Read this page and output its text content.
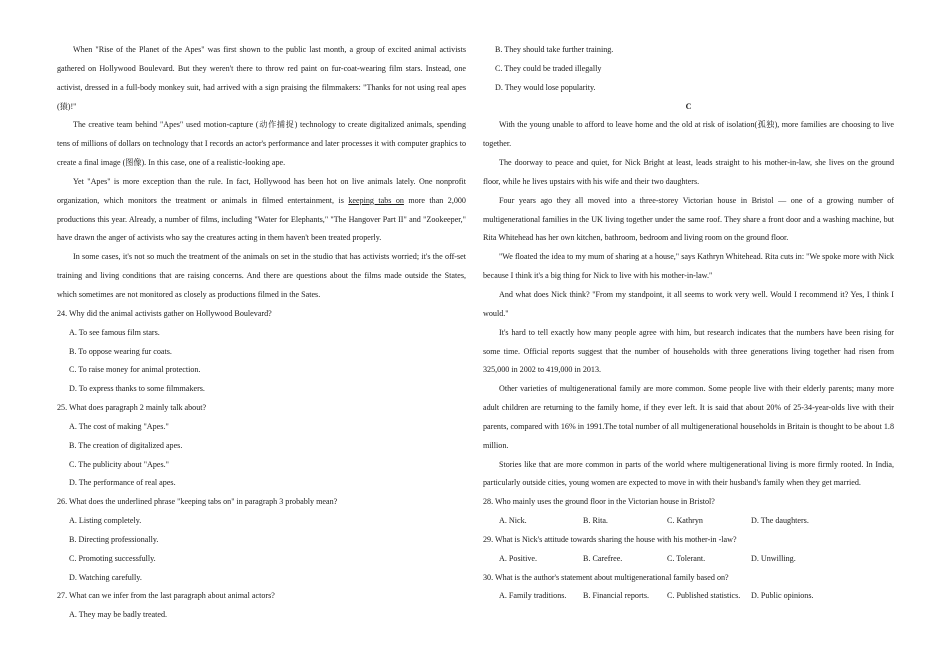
When "Rise of the Planet of the Apes" was first shown to the public last month, a group of excited animal activists gathered on Hollywood Boulevard. But they weren't there to throw red paint on fur-coat-wearing film stars. Instead, one activist, dressed in a full-body monkey suit, had arrived with a sign praising the filmmakers: "Thanks for not using real apes (猿)!"

The creative team behind "Apes" used motion-capture (动作捕捉) technology to create digitalized animals, spending tens of millions of dollars on technology that I records an actor's performance and later processes it with computer graphics to create a final image (图像). In this case, one of a realistic-looking ape.

Yet "Apes" is more exception than the rule. In fact, Hollywood has been hot on live animals lately. One nonprofit organization, which monitors the treatment or animals in filmed entertainment, is keeping tabs on more than 2,000 productions this year. Already, a number of films, including "Water for Elephants," "The Hangover Part II" and "Zookeeper," have drawn the anger of activists who say the creatures acting in them haven't been treated properly.

In some cases, it's not so much the treatment of the animals on set in the studio that has activists worried; it's the off-set training and living conditions that are raising concerns. And there are questions about the films made outside the States, which sometimes are not monitored as closely as productions filmed in the Sates.

24. Why did the animal activists gather on Hollywood Boulevard?

A. To see famous film stars.

B. To oppose wearing fur coats.

C. To raise money for animal protection.

D. To express thanks to some filmmakers.

25. What does paragraph 2 mainly talk about?

A. The cost of making "Apes."

B. The creation of digitalized apes.

C. The publicity about "Apes."

D. The performance of real apes.

26. What does the underlined phrase "keeping tabs on" in paragraph 3 probably mean?

A. Listing completely.

B. Directing professionally.

C. Promoting successfully.

D. Watching carefully.

27. What can we infer from the last paragraph about animal actors?

A. They may be badly treated.

B. They should take further training.

C. They could be traded illegally

D. They would lose popularity.

C

With the young unable to afford to leave home and the old at risk of isolation(孤独), more families are choosing to live together.

The doorway to peace and quiet, for Nick Bright at least, leads straight to his mother-in-law, she lives on the ground floor, while he lives upstairs with his wife and their two daughters.

Four years ago they all moved into a three-storey Victorian house in Bristol — one of a growing number of multigenerational families in the UK living together under the same roof. They share a front door and a washing machine, but Rita Whitehead has her own kitchen, bathroom, bedroom and living room on the ground floor.

"We floated the idea to my mum of sharing at a house," says Kathryn Whitehead. Rita cuts in: "We spoke more with Nick because I think it's a big thing for Nick to live with his mother-in-law."

And what does Nick think? "From my standpoint, it all seems to work very well. Would I recommend it? Yes, I think I would."

It's hard to tell exactly how many people agree with him, but research indicates that the numbers have been rising for some time. Official reports suggest that the number of households with three generations living together had risen from 325,000 in 2002 to 419,000 in 2013.

Other varieties of multigenerational family are more common. Some people live with their elderly parents; many more adult children are returning to the family home, if they ever left. It is said that about 20% of 25-34-year-olds live with their parents, compared with 16% in 1991.The total number of all multigenerational households in Britain is thought to be about 1.8 million.

Stories like that are more common in parts of the world where multigenerational living is more firmly rooted. In India, particularly outside cities, young women are expected to move in with their husband's family when they get married.

28. Who mainly uses the ground floor in the Victorian house in Bristol?

A. Nick.	B. Rita.	C. Kathryn	D. The daughters.

29. What is Nick's attitude towards sharing the house with his mother-in -law?

A. Positive.	B. Carefree.	C. Tolerant.	D. Unwilling.

30. What is the author's statement about multigenerational family based on?

A. Family traditions.	B. Financial reports.	C. Published statistics.	D. Public opinions.
